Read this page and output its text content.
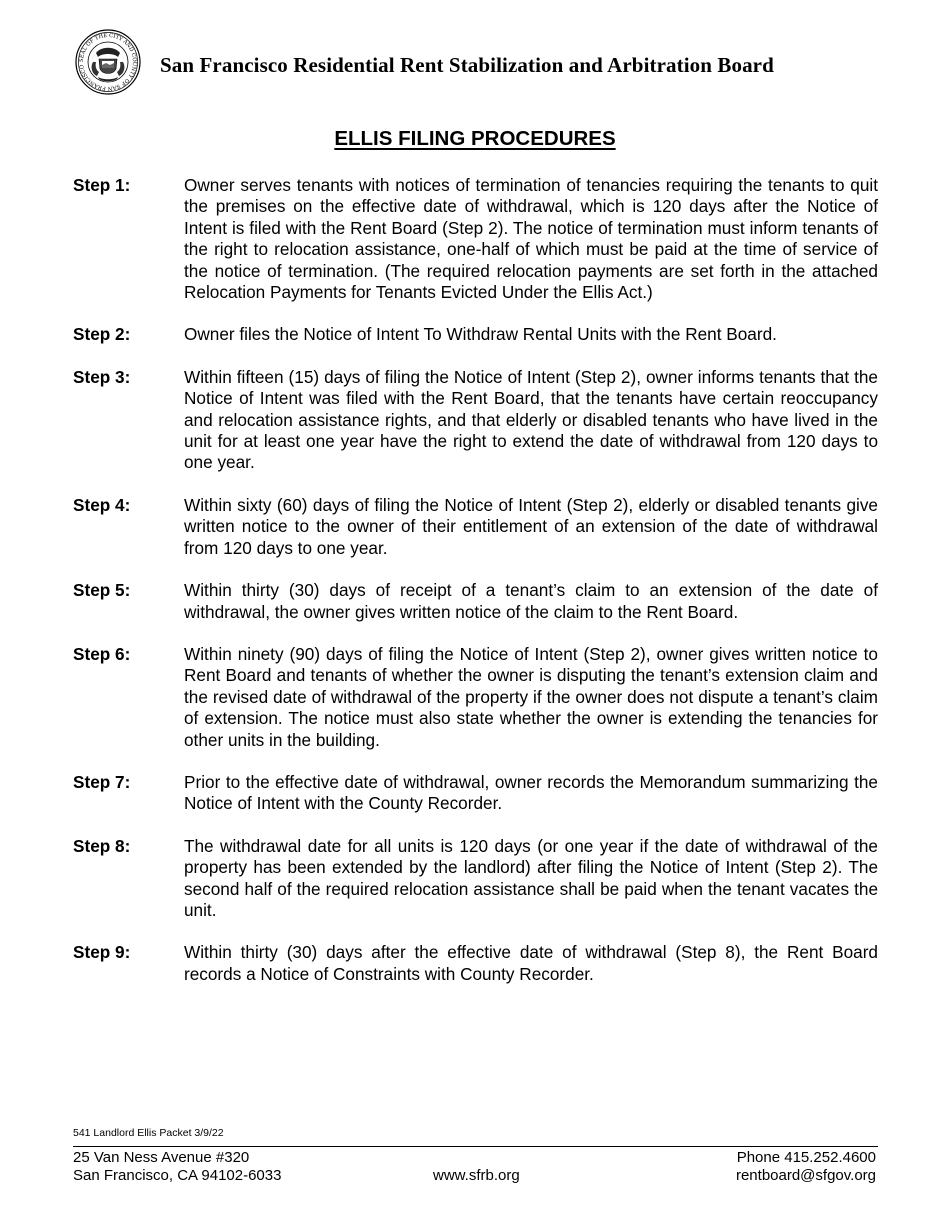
SEAL OF THE CITY AND COUNTY OF SAN FRANCISCO	San Francisco Residential Rent Stabilization and Arbitration Board
ELLIS FILING PROCEDURES
Step 1:	Owner serves tenants with notices of termination of tenancies requiring the tenants to quit the premises on the effective date of withdrawal, which is 120 days after the Notice of Intent is filed with the Rent Board (Step 2). The notice of termination must inform tenants of the right to relocation assistance, one-half of which must be paid at the time of service of the notice of termination. (The required relocation payments are set forth in the attached Relocation Payments for Tenants Evicted Under the Ellis Act.)
Step 2:	Owner files the Notice of Intent To Withdraw Rental Units with the Rent Board.
Step 3:	Within fifteen (15) days of filing the Notice of Intent (Step 2), owner informs tenants that the Notice of Intent was filed with the Rent Board, that the tenants have certain reoccupancy and relocation assistance rights, and that elderly or disabled tenants who have lived in the unit for at least one year have the right to extend the date of withdrawal from 120 days to one year.
Step 4:	Within sixty (60) days of filing the Notice of Intent (Step 2), elderly or disabled tenants give written notice to the owner of their entitlement of an extension of the date of withdrawal from 120 days to one year.
Step 5:	Within thirty (30) days of receipt of a tenant’s claim to an extension of the date of withdrawal, the owner gives written notice of the claim to the Rent Board.
Step 6:	Within ninety (90) days of filing the Notice of Intent (Step 2), owner gives written notice to Rent Board and tenants of whether the owner is disputing the tenant’s extension claim and the revised date of withdrawal of the property if the owner does not dispute a tenant’s claim of extension. The notice must also state whether the owner is extending the tenancies for other units in the building.
Step 7:	Prior to the effective date of withdrawal, owner records the Memorandum summarizing the Notice of Intent with the County Recorder.
Step 8:	The withdrawal date for all units is 120 days (or one year if the date of withdrawal of the property has been extended by the landlord) after filing the Notice of Intent (Step 2). The second half of the required relocation assistance shall be paid when the tenant vacates the unit.
Step 9:	Within thirty (30) days after the effective date of withdrawal (Step 8), the Rent Board records a Notice of Constraints with County Recorder.
541 Landlord Ellis Packet 3/9/22
25 Van Ness Avenue #320
San Francisco, CA 94102-6033	www.sfrb.org
Phone 415.252.4600
rentboard@sfgov.org
